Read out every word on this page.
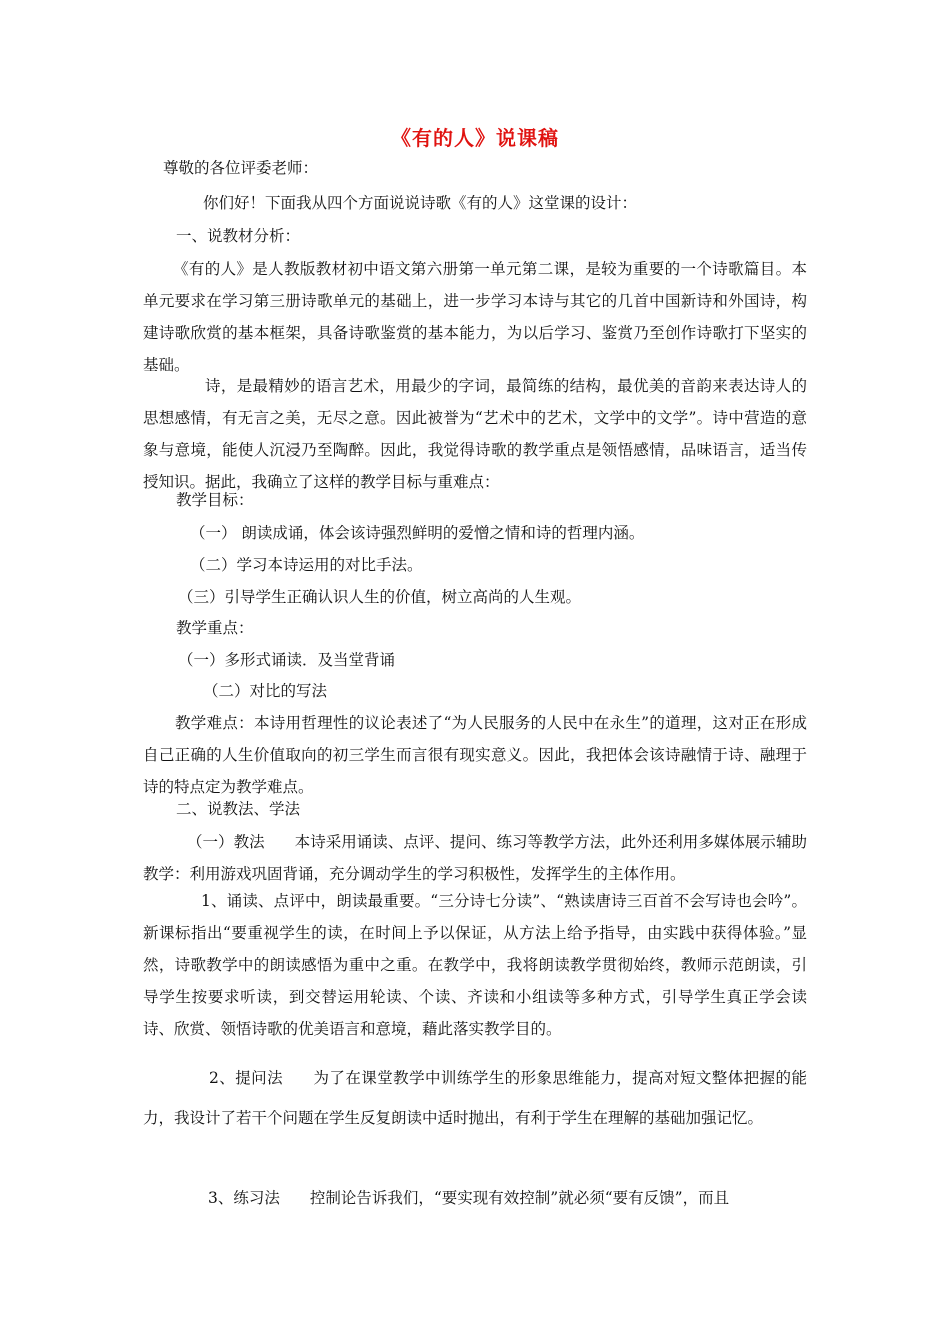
《有的人》说课稿
尊敬的各位评委老师：
你们好！下面我从四个方面说说诗歌《有的人》这堂课的设计：
一、说教材分析：
《有的人》是人教版教材初中语文第六册第一单元第二课，是较为重要的一个诗歌篇目。本单元要求在学习第三册诗歌单元的基础上，进一步学习本诗与其它的几首中国新诗和外国诗，构建诗歌欣赏的基本框架，具备诗歌鉴赏的基本能力，为以后学习、鉴赏乃至创作诗歌打下坚实的基础。
诗，是最精妙的语言艺术，用最少的字词，最简练的结构，最优美的音韵来表达诗人的思想感情，有无言之美，无尽之意。因此被誉为“艺术中的艺术，文学中的文学”。诗中营造的意象与意境，能使人沉浸乃至陶醉。因此，我觉得诗歌的教学重点是领悟感情，品味语言，适当传授知识。据此，我确立了这样的教学目标与重难点：
教学目标：
（一） 朗读成诵，体会该诗强烈鲜明的爱憎之情和诗的哲理内涵。
（二）学习本诗运用的对比手法。
（三）引导学生正确认识人生的价值，树立高尚的人生观。
教学重点：
（一）多形式诵读．及当堂背诵
（二）对比的写法
教学难点：本诗用哲理性的议论表述了“为人民服务的人民中在永生”的道理，这对正在形成自己正确的人生价值取向的初三学生而言很有现实意义。因此，我把体会该诗融情于诗、融理于诗的特点定为教学难点。
二、说教法、学法
（一）教法 本诗采用诵读、点评、提问、练习等教学方法，此外还利用多媒体展示辅助教学：利用游戏巩固背诵，充分调动学生的学习积极性，发挥学生的主体作用。
1、诵读、点评中，朗读最重要。“三分诗七分读”、“熟读唐诗三百首不会写诗也会吟”。新课标指出“要重视学生的读，在时间上予以保证，从方法上给予指导，由实践中获得体验。”显然，诗歌教学中的朗读感悟为重中之重。在教学中，我将朗读教学贯彻始终，教师示范朗读，引导学生按要求听读，到交替运用轮读、个读、齐读和小组读等多种方式，引导学生真正学会读诗、欣赏、领悟诗歌的优美语言和意境，藉此落实教学目的。
2、提问法 为了在课堂教学中训练学生的形象思维能力，提高对短文整体把握的能力，我设计了若干个问题在学生反复朗读中适时抛出，有利于学生在理解的基础加强记忆。
3、练习法 控制论告诉我们，“要实现有效控制”就必须“要有反馈”，而且
